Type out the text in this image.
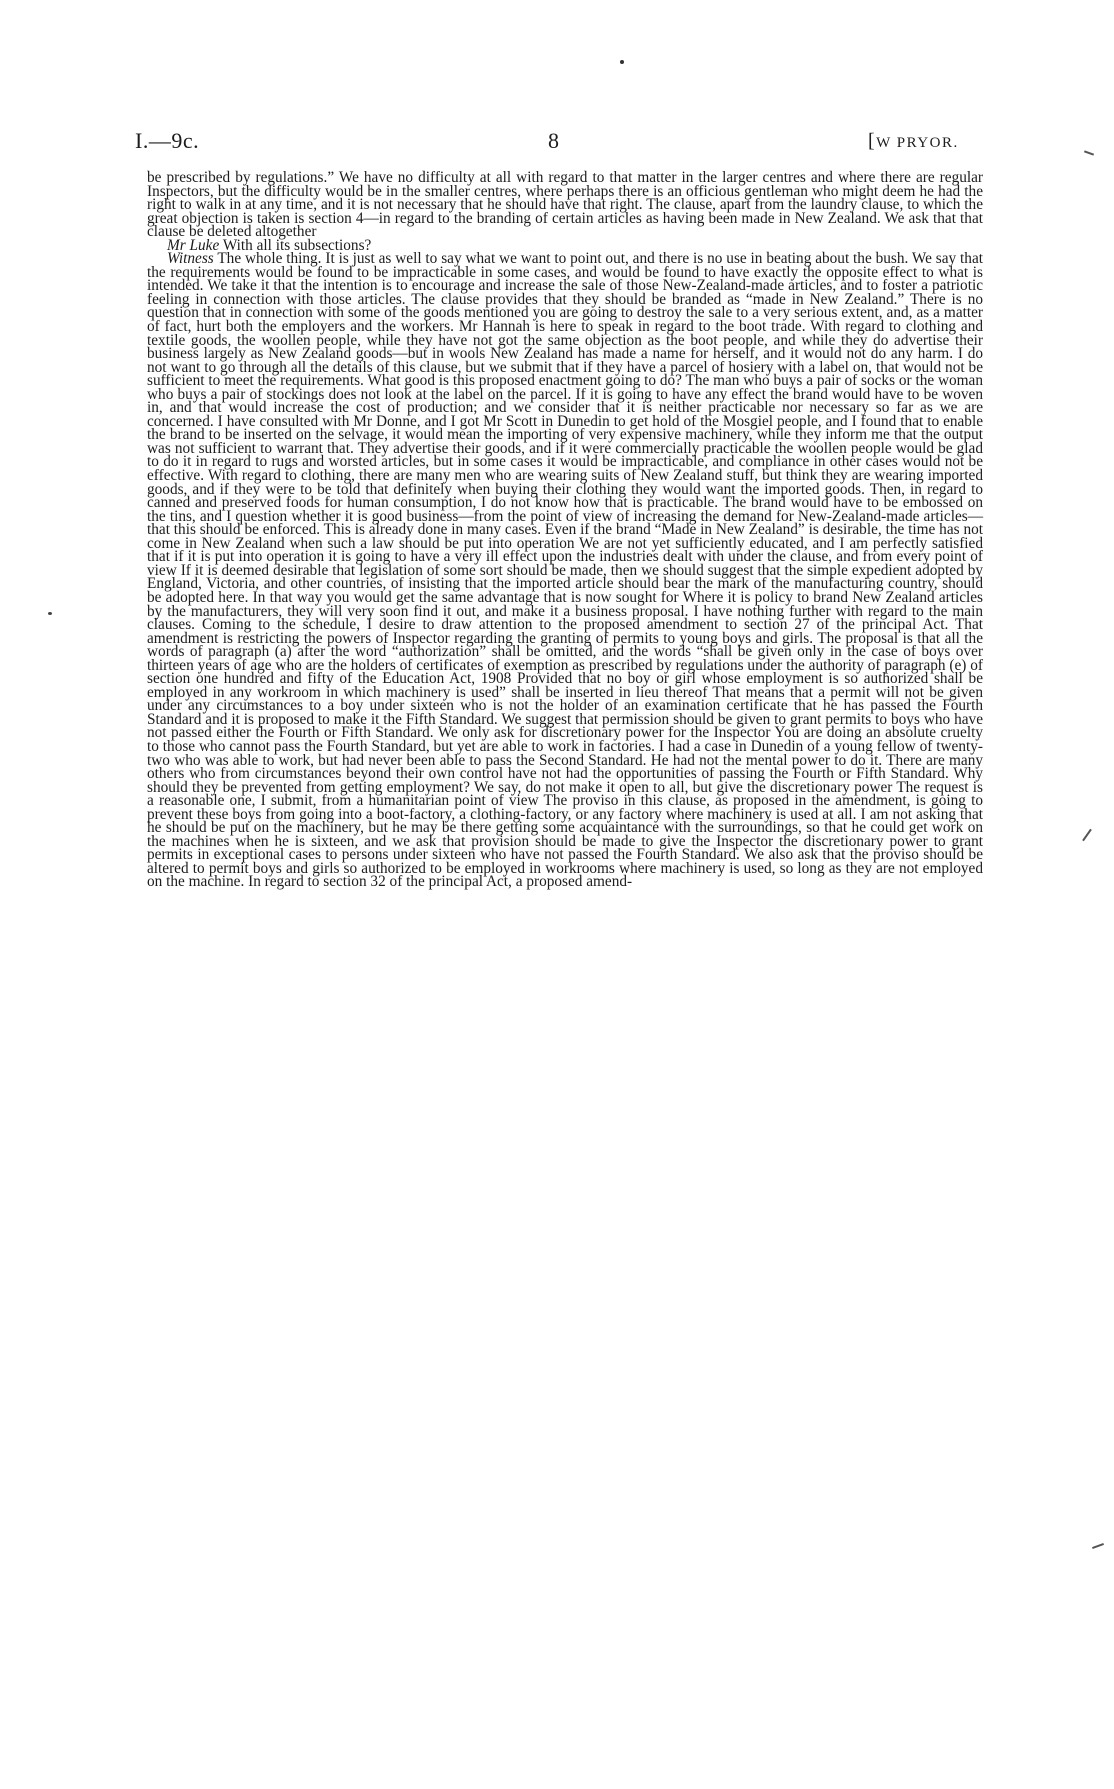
I.—9c.	8	[W PRYOR.

be prescribed by regulations.” We have no difficulty at all with regard to that matter in the larger centres and where there are regular Inspectors, but the difficulty would be in the smaller centres, where perhaps there is an officious gentleman who might deem he had the right to walk in at any time, and it is not necessary that he should have that right. The clause, apart from the laundry clause, to which the great objection is taken is section 4—in regard to the branding of certain articles as having been made in New Zealand. We ask that that clause be deleted altogether

Mr Luke With all its subsections?

Witness The whole thing. It is just as well to say what we want to point out, and there is no use in beating about the bush. We say that the requirements would be found to be impracticable in some cases, and would be found to have exactly the opposite effect to what is intended. We take it that the intention is to encourage and increase the sale of those New-Zealand-made articles, and to foster a patriotic feeling in connection with those articles. The clause provides that they should be branded as “made in New Zealand.” There is no question that in connection with some of the goods mentioned you are going to destroy the sale to a very serious extent, and, as a matter of fact, hurt both the employers and the workers. Mr Hannah is here to speak in regard to the boot trade. With regard to clothing and textile goods, the woollen people, while they have not got the same objection as the boot people, and while they do advertise their business largely as New Zealand goods—but in wools New Zealand has made a name for herself, and it would not do any harm. I do not want to go through all the details of this clause, but we submit that if they have a parcel of hosiery with a label on, that would not be sufficient to meet the requirements. What good is this proposed enactment going to do? The man who buys a pair of socks or the woman who buys a pair of stockings does not look at the label on the parcel. If it is going to have any effect the brand would have to be woven in, and that would increase the cost of production; and we consider that it is neither practicable nor necessary so far as we are concerned. I have consulted with Mr Donne, and I got Mr Scott in Dunedin to get hold of the Mosgiel people, and I found that to enable the brand to be inserted on the selvage, it would mean the importing of very expensive machinery, while they inform me that the output was not sufficient to warrant that. They advertise their goods, and if it were commercially practicable the woollen people would be glad to do it in regard to rugs and worsted articles, but in some cases it would be impracticable, and compliance in other cases would not be effective. With regard to clothing, there are many men who are wearing suits of New Zealand stuff, but think they are wearing imported goods, and if they were to be told that definitely when buying their clothing they would want the imported goods. Then, in regard to canned and preserved foods for human consumption, I do not know how that is practicable. The brand would have to be embossed on the tins, and I question whether it is good business—from the point of view of increasing the demand for New-Zealand-made articles—that this should be enforced. This is already done in many cases. Even if the brand “Made in New Zealand” is desirable, the time has not come in New Zealand when such a law should be put into operation We are not yet sufficiently educated, and I am perfectly satisfied that if it is put into operation it is going to have a very ill effect upon the industries dealt with under the clause, and from every point of view If it is deemed desirable that legislation of some sort should be made, then we should suggest that the simple expedient adopted by England, Victoria, and other countries, of insisting that the imported article should bear the mark of the manufacturing country, should be adopted here. In that way you would get the same advantage that is now sought for Where it is policy to brand New Zealand articles by the manufacturers, they will very soon find it out, and make it a business proposal. I have nothing further with regard to the main clauses. Coming to the schedule, I desire to draw attention to the proposed amendment to section 27 of the principal Act. That amendment is restricting the powers of Inspector regarding the granting of permits to young boys and girls. The proposal is that all the words of paragraph (a) after the word “authorization” shall be omitted, and the words “shall be given only in the case of boys over thirteen years of age who are the holders of certificates of exemption as prescribed by regulations under the authority of paragraph (e) of section one hundred and fifty of the Education Act, 1908 Provided that no boy or girl whose employment is so authorized shall be employed in any workroom in which machinery is used” shall be inserted in lieu thereof That means that a permit will not be given under any circumstances to a boy under sixteen who is not the holder of an examination certificate that he has passed the Fourth Standard and it is proposed to make it the Fifth Standard. We suggest that permission should be given to grant permits to boys who have not passed either the Fourth or Fifth Standard. We only ask for discretionary power for the Inspector You are doing an absolute cruelty to those who cannot pass the Fourth Standard, but yet are able to work in factories. I had a case in Dunedin of a young fellow of twenty-two who was able to work, but had never been able to pass the Second Standard. He had not the mental power to do it. There are many others who from circumstances beyond their own control have not had the opportunities of passing the Fourth or Fifth Standard. Why should they be prevented from getting employment? We say, do not make it open to all, but give the discretionary power The request is a reasonable one, I submit, from a humanitarian point of view The proviso in this clause, as proposed in the amendment, is going to prevent these boys from going into a boot-factory, a clothing-factory, or any factory where machinery is used at all. I am not asking that he should be put on the machinery, but he may be there getting some acquaintance with the surroundings, so that he could get work on the machines when he is sixteen, and we ask that provision should be made to give the Inspector the discretionary power to grant permits in exceptional cases to persons under sixteen who have not passed the Fourth Standard. We also ask that the proviso should be altered to permit boys and girls so authorized to be employed in workrooms where machinery is used, so long as they are not employed on the machine. In regard to section 32 of the principal Act, a proposed amend-
